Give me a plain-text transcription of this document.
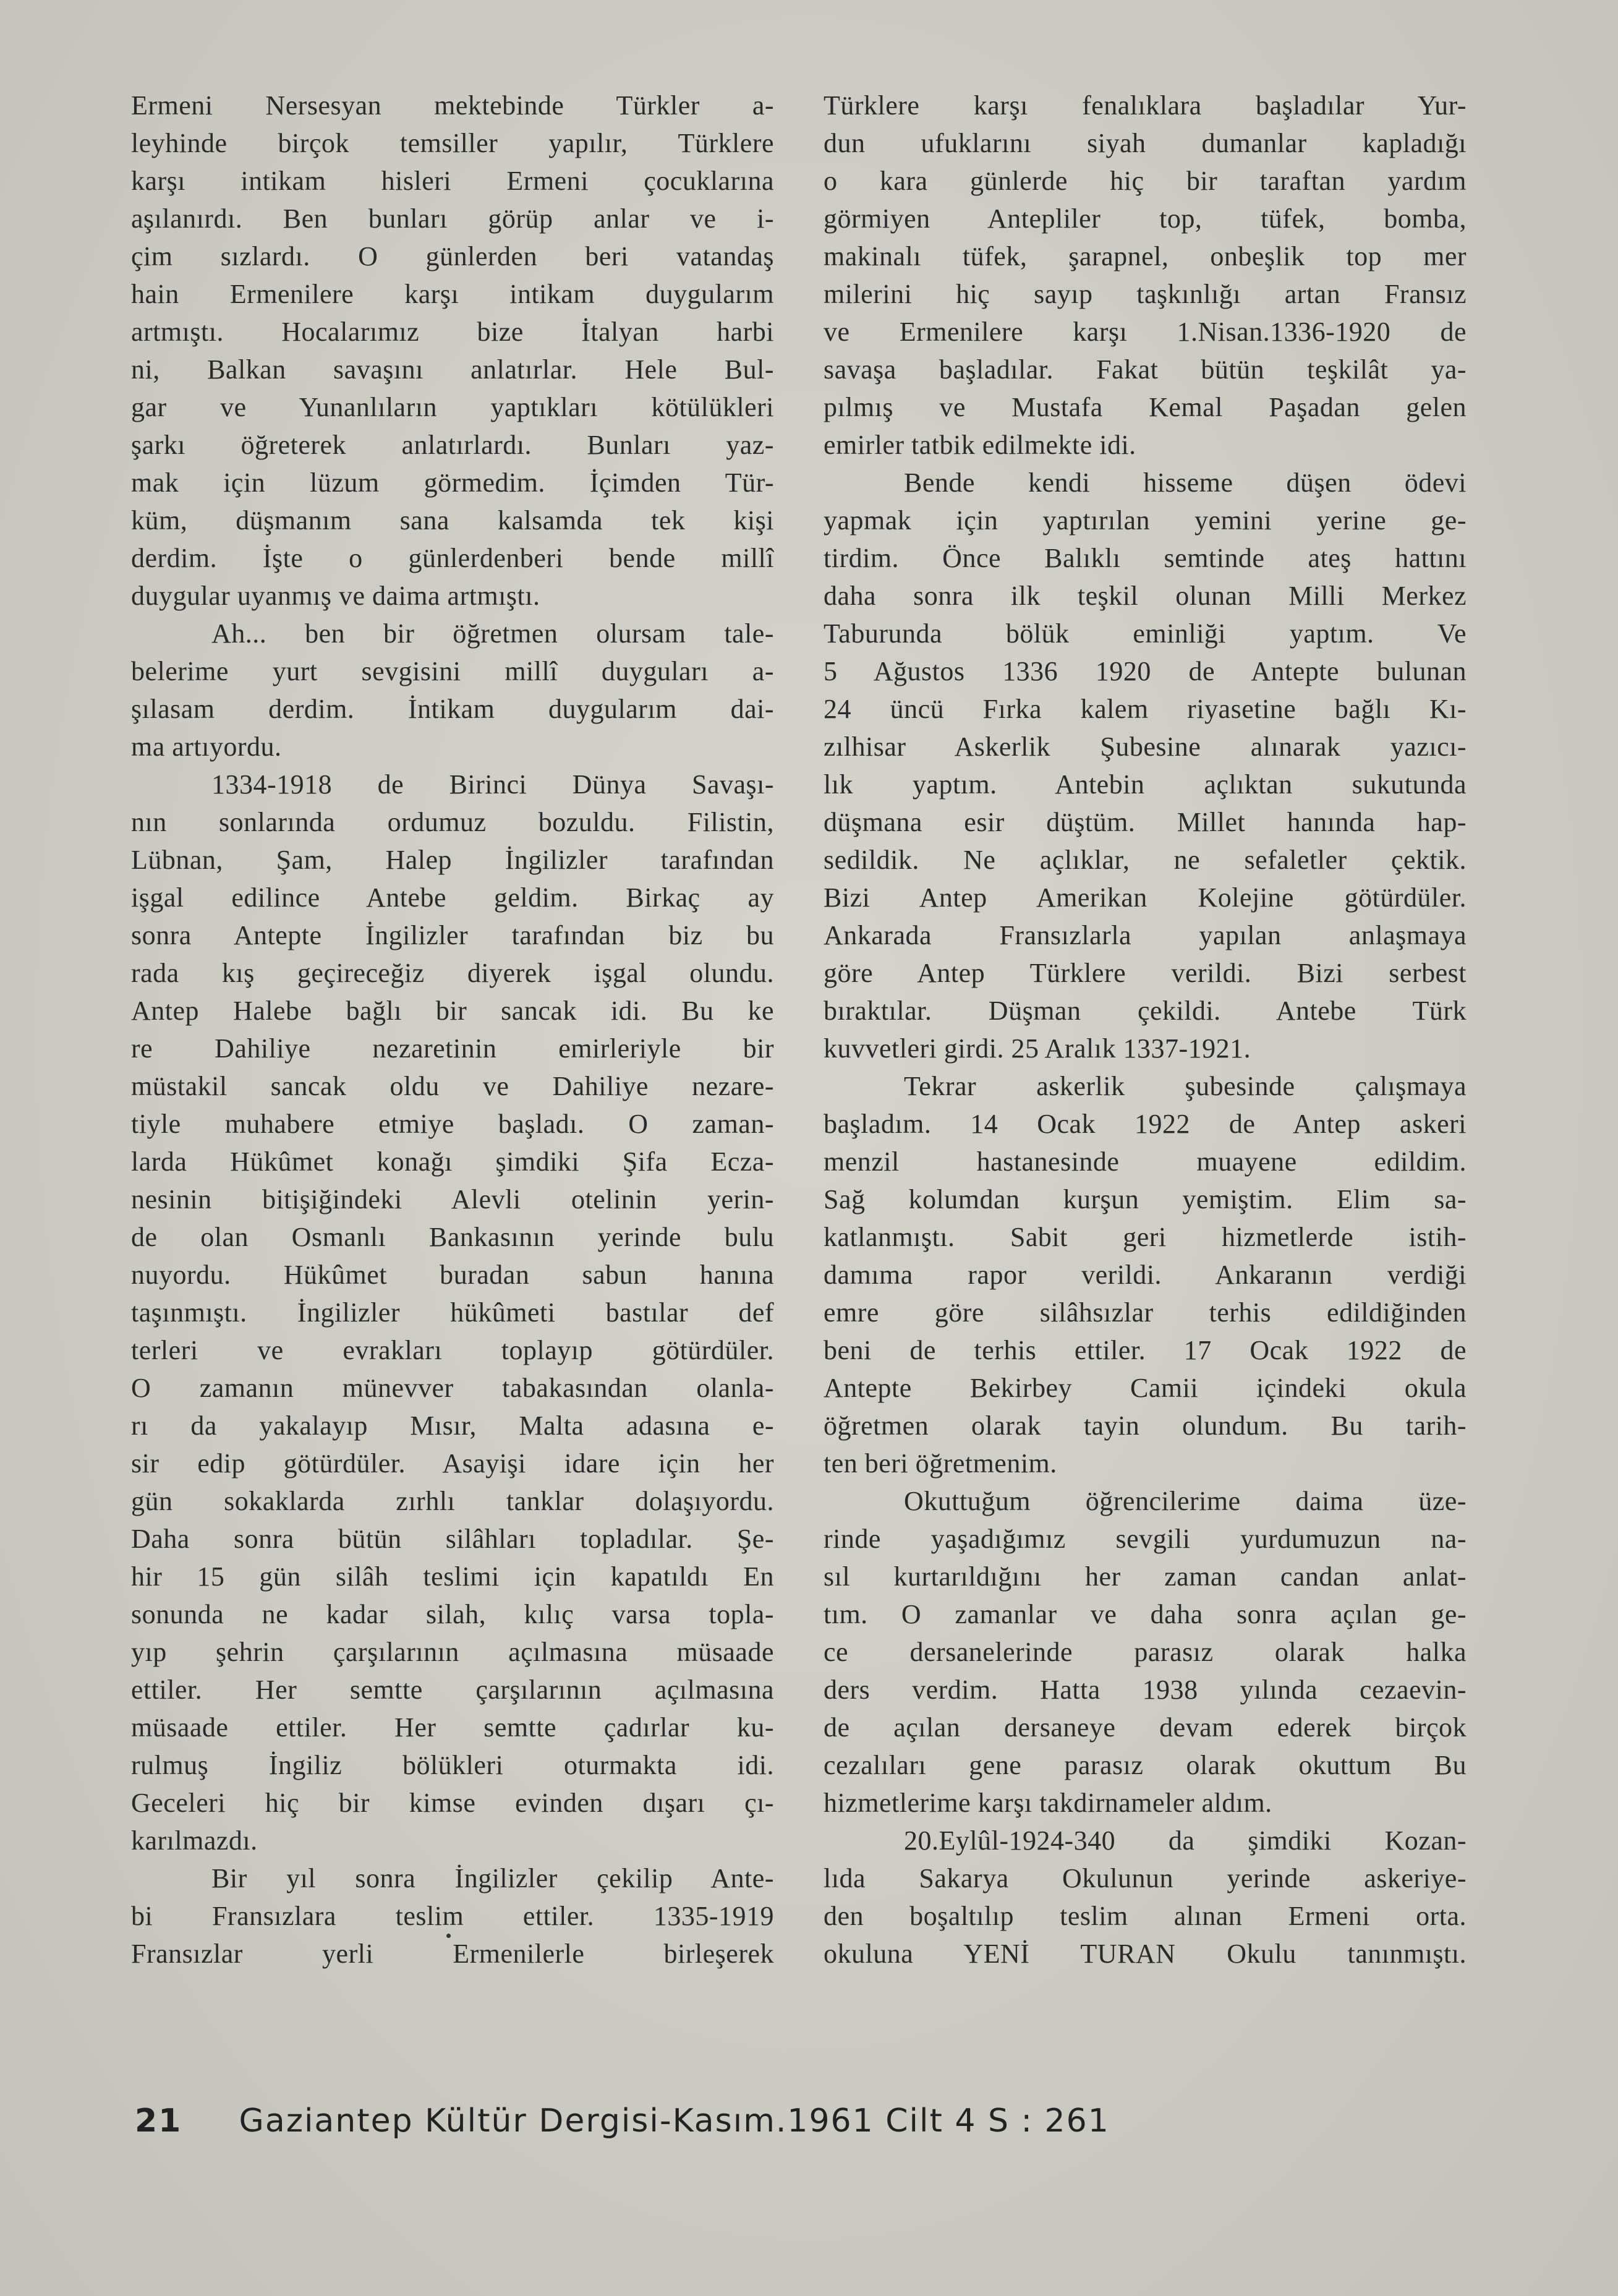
Ermeni Nersesyan mektebinde Türkler a-
leyhinde birçok temsiller yapılır, Türklere
karşı intikam hisleri Ermeni çocuklarına
aşılanırdı. Ben bunları görüp anlar ve i-
çim sızlardı. O günlerden beri vatandaş
hain Ermenilere karşı intikam duygularım
artmıştı. Hocalarımız bize İtalyan harbi
ni, Balkan savaşını anlatırlar. Hele Bul-
gar ve Yunanlıların yaptıkları kötülükleri
şarkı öğreterek anlatırlardı. Bunları yaz-
mak için lüzum görmedim. İçimden Tür-
küm, düşmanım sana kalsamda tek kişi
derdim. İşte o günlerdenberi bende millî
duygular uyanmış ve daima artmıştı.
Ah... ben bir öğretmen olursam tale-
belerime yurt sevgisini millî duyguları a-
şılasam derdim. İntikam duygularım dai-
ma artıyordu.
1334-1918 de Birinci Dünya Savaşı-
nın sonlarında ordumuz bozuldu. Filistin,
Lübnan, Şam, Halep İngilizler tarafından
işgal edilince Antebe geldim. Birkaç ay
sonra Antepte İngilizler tarafından biz bu
rada kış geçireceğiz diyerek işgal olundu.
Antep Halebe bağlı bir sancak idi. Bu ke
re Dahiliye nezaretinin emirleriyle bir
müstakil sancak oldu ve Dahiliye nezare-
tiyle muhabere etmiye başladı. O zaman-
larda Hükûmet konağı şimdiki Şifa Ecza-
nesinin bitişiğindeki Alevli otelinin yerin-
de olan Osmanlı Bankasının yerinde bulu
nuyordu. Hükûmet buradan sabun hanına
taşınmıştı. İngilizler hükûmeti bastılar def
terleri ve evrakları toplayıp götürdüler.
O zamanın münevver tabakasından olanla-
rı da yakalayıp Mısır, Malta adasına e-
sir edip götürdüler. Asayişi idare için her
gün sokaklarda zırhlı tanklar dolaşıyordu.
Daha sonra bütün silâhları topladılar. Şe-
hir 15 gün silâh teslimi için kapatıldı En
sonunda ne kadar silah, kılıç varsa topla-
yıp şehrin çarşılarının açılmasına müsaade
ettiler. Her semtte çarşılarının açılmasına
müsaade ettiler. Her semtte çadırlar ku-
rulmuş İngiliz bölükleri oturmakta idi.
Geceleri hiç bir kimse evinden dışarı çı-
karılmazdı.
Bir yıl sonra İngilizler çekilip Ante-
bi Fransızlara teslim ettiler. 1335-1919
Fransızlar yerli Ermenilerle birleşerek
Türklere karşı fenalıklara başladılar Yur-
dun ufuklarını siyah dumanlar kapladığı
o kara günlerde hiç bir taraftan yardım
görmiyen Antepliler top, tüfek, bomba,
makinalı tüfek, şarapnel, onbeşlik top mer
milerini hiç sayıp taşkınlığı artan Fransız
ve Ermenilere karşı 1.Nisan.1336-1920 de
savaşa başladılar. Fakat bütün teşkilât ya-
pılmış ve Mustafa Kemal Paşadan gelen
emirler tatbik edilmekte idi.
Bende kendi hisseme düşen ödevi
yapmak için yaptırılan yemini yerine ge-
tirdim. Önce Balıklı semtinde ateş hattını
daha sonra ilk teşkil olunan Milli Merkez
Taburunda bölük eminliği yaptım. Ve
5 Ağustos 1336 1920 de Antepte bulunan
24 üncü Fırka kalem riyasetine bağlı Kı-
zılhisar Askerlik Şubesine alınarak yazıcı-
lık yaptım. Antebin açlıktan sukutunda
düşmana esir düştüm. Millet hanında hap-
sedildik. Ne açlıklar, ne sefaletler çektik.
Bizi Antep Amerikan Kolejine götürdüler.
Ankarada Fransızlarla yapılan anlaşmaya
göre Antep Türklere verildi. Bizi serbest
bıraktılar. Düşman çekildi. Antebe Türk
kuvvetleri girdi. 25 Aralık 1337-1921.
Tekrar askerlik şubesinde çalışmaya
başladım. 14 Ocak 1922 de Antep askeri
menzil hastanesinde muayene edildim.
Sağ kolumdan kurşun yemiştim. Elim sa-
katlanmıştı. Sabit geri hizmetlerde istih-
damıma rapor verildi. Ankaranın verdiği
emre göre silâhsızlar terhis edildiğinden
beni de terhis ettiler. 17 Ocak 1922 de
Antepte Bekirbey Camii içindeki okula
öğretmen olarak tayin olundum. Bu tarih-
ten beri öğretmenim.
Okuttuğum öğrencilerime daima üze-
rinde yaşadığımız sevgili yurdumuzun na-
sıl kurtarıldığını her zaman candan anlat-
tım. O zamanlar ve daha sonra açılan ge-
ce dersanelerinde parasız olarak halka
ders verdim. Hatta 1938 yılında cezaevin-
de açılan dersaneye devam ederek birçok
cezalıları gene parasız olarak okuttum Bu
hizmetlerime karşı takdirnameler aldım.
20.Eylûl-1924-340 da şimdiki Kozan-
lıda Sakarya Okulunun yerinde askeriye-
den boşaltılıp teslim alınan Ermeni orta.
okuluna YENİ TURAN Okulu tanınmıştı.
21 Gaziantep Kültür Dergisi-Kasım.1961 Cilt 4 S : 261
